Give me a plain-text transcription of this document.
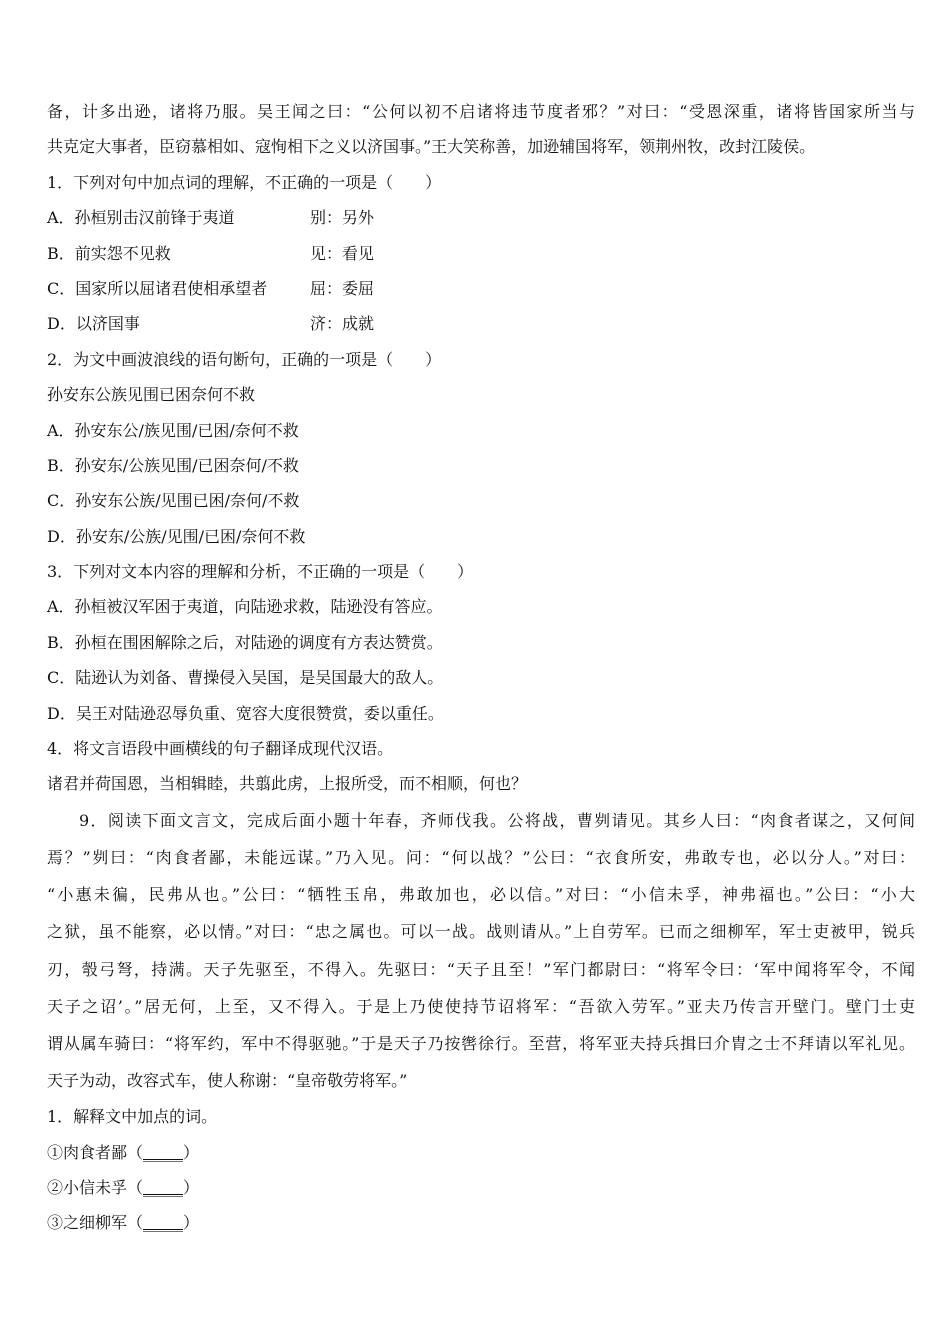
备，计多出逊，诸将乃服。吴王闻之曰：“公何以初不启诸将违节度者邪？”对曰：“受恩深重，诸将皆国家所当与
共克定大事者，臣窃慕相如、寇恂相下之义以济国事。”王大笑称善，加逊辅国将军，领荆州牧，改封江陵侯。
1．下列对句中加点词的理解，不正确的一项是（　　）
A．孙桓别击汉前锋于夷道	别：另外
B．前实怨不见救	见：看见
C．国家所以屈诸君使相承望者	屈：委屈
D．以济国事	济：成就
2．为文中画波浪线的语句断句，正确的一项是（　　）
孙安东公族见围已困奈何不救
A．孙安东公/族见围/已困/奈何不救
B．孙安东/公族见围/已困奈何/不救
C．孙安东公族/见围已困/奈何/不救
D．孙安东/公族/见围/已困/奈何不救
3．下列对文本内容的理解和分析，不正确的一项是（　　）
A．孙桓被汉军困于夷道，向陆逊求救，陆逊没有答应。
B．孙桓在围困解除之后，对陆逊的调度有方表达赞赏。
C．陆逊认为刘备、曹操侵入吴国，是吴国最大的敌人。
D．吴王对陆逊忍辱负重、宽容大度很赞赏，委以重任。
4．将文言语段中画横线的句子翻译成现代汉语。
诸君并荷国恩，当相辑睦，共翦此虏，上报所受，而不相顺，何也？
9．阅读下面文言文，完成后面小题十年春，齐师伐我。公将战，曹刿请见。其乡人曰：“肉食者谋之，又何间
焉？”刿曰：“肉食者鄙，未能远谋。”乃入见。问：“何以战？”公曰：“衣食所安，弗敢专也，必以分人。”对曰：
“小惠未徧，民弗从也。”公曰：“牺牲玉帛，弗敢加也，必以信。”对曰：“小信未孚，神弗福也。”公曰：“小大
之狱，虽不能察，必以情。”对曰：“忠之属也。可以一战。战则请从。”上自劳军。已而之细柳军，军士吏被甲，锐兵
刃，彀弓弩，持满。天子先驱至，不得入。先驱曰：“天子且至！”军门都尉曰：“将军令曰：‘军中闻将军令，不闻
天子之诏’。”居无何，上至，又不得入。于是上乃使使持节诏将军：“吾欲入劳军。”亚夫乃传言开壁门。壁门士吏
谓从属车骑曰：“将军约，军中不得驱驰。”于是天子乃按辔徐行。至营，将军亚夫持兵揖曰介胄之士不拜请以军礼见。
天子为动，改容式车，使人称谢：“皇帝敬劳将军。”
1．解释文中加点的词。
①肉食者鄙（_____）
②小信未孚（_____）
③之细柳军（_____）
